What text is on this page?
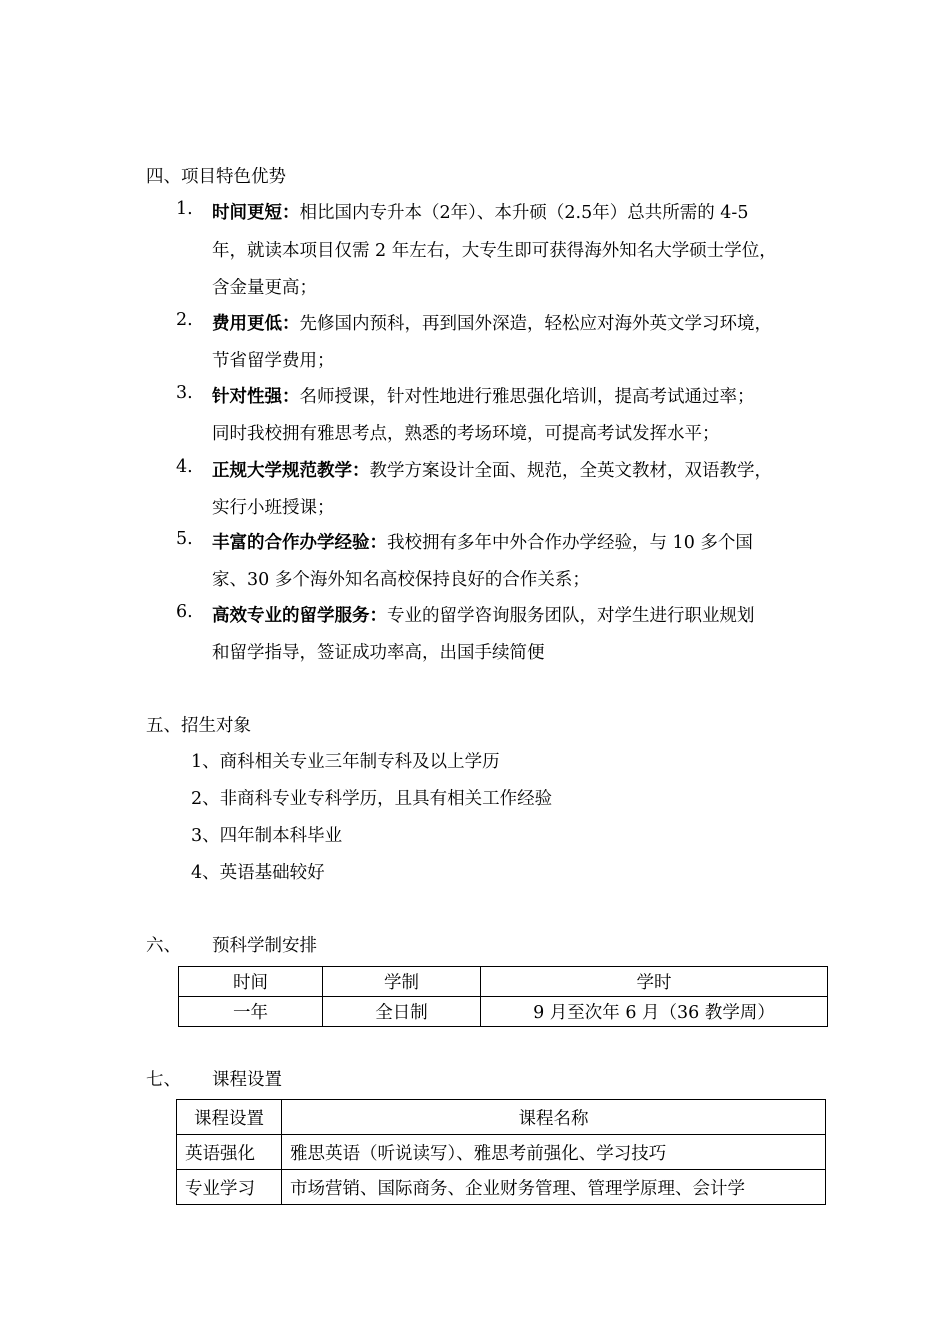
四、项目特色优势
1. 时间更短：相比国内专升本（2年）、本升硕（2.5年）总共所需的 4-5
年，就读本项目仅需 2 年左右，大专生即可获得海外知名大学硕士学位，
含金量更高；
2. 费用更低：先修国内预科，再到国外深造，轻松应对海外英文学习环境，
节省留学费用；
3. 针对性强：名师授课，针对性地进行雅思强化培训，提高考试通过率；
同时我校拥有雅思考点，熟悉的考场环境，可提高考试发挥水平；
4. 正规大学规范教学：教学方案设计全面、规范，全英文教材，双语教学，
实行小班授课；
5. 丰富的合作办学经验：我校拥有多年中外合作办学经验，与 10 多个国
家、30 多个海外知名高校保持良好的合作关系；
6. 高效专业的留学服务：专业的留学咨询服务团队，对学生进行职业规划
和留学指导，签证成功率高，出国手续简便
五、招生对象
1、商科相关专业三年制专科及以上学历
2、非商科专业专科学历，且具有相关工作经验
3、四年制本科毕业
4、英语基础较好
六、 预科学制安排
时间	学制	学时
一年	全日制	9 月至次年 6 月（36 教学周）
七、 课程设置
课程设置	课程名称
英语强化	雅思英语（听说读写）、雅思考前强化、学习技巧
专业学习	市场营销、国际商务、企业财务管理、管理学原理、会计学
